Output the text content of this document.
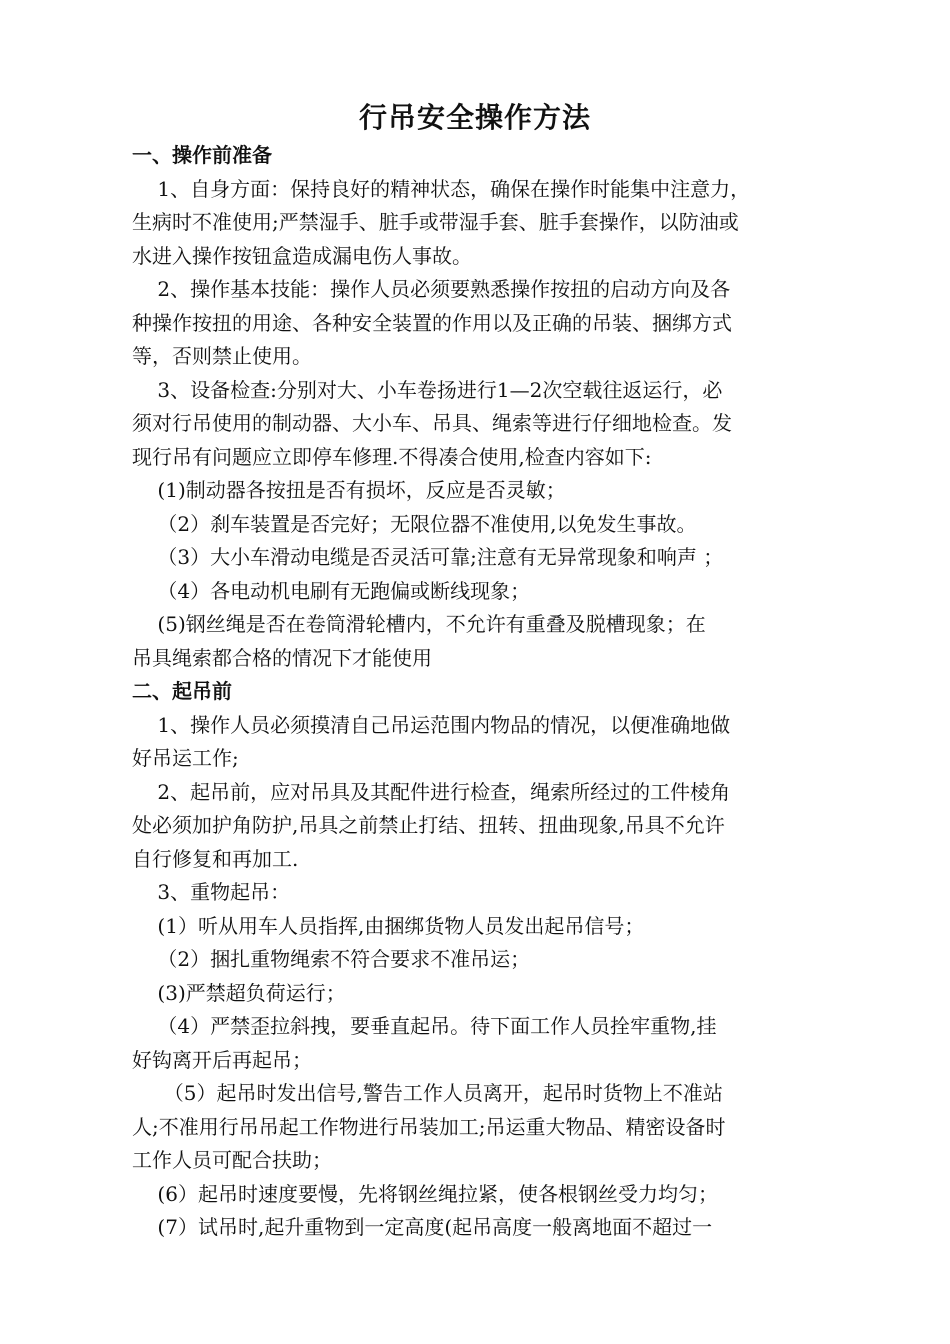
行吊安全操作方法
一、操作前准备
1、自身方面：保持良好的精神状态，确保在操作时能集中注意力，
生病时不准使用;严禁湿手、脏手或带湿手套、脏手套操作，以防油或
水进入操作按钮盒造成漏电伤人事故。
2、操作基本技能：操作人员必须要熟悉操作按扭的启动方向及各
种操作按扭的用途、各种安全装置的作用以及正确的吊装、捆绑方式
等，否则禁止使用。
3、设备检查:分别对大、小车卷扬进行1—2次空载往返运行，必
须对行吊使用的制动器、大小车、吊具、绳索等进行仔细地检查。发
现行吊有问题应立即停车修理.不得凑合使用,检查内容如下:
(1)制动器各按扭是否有损坏，反应是否灵敏；
（2）刹车装置是否完好；无限位器不准使用,以免发生事故。
（3）大小车滑动电缆是否灵活可靠;注意有无异常现象和响声 ；
（4）各电动机电刷有无跑偏或断线现象；
(5)钢丝绳是否在卷筒滑轮槽内，不允许有重叠及脱槽现象；在
吊具绳索都合格的情况下才能使用
二、起吊前
1、操作人员必须摸清自己吊运范围内物品的情况，以便准确地做
好吊运工作;
2、起吊前，应对吊具及其配件进行检查，绳索所经过的工件棱角
处必须加护角防护,吊具之前禁止打结、扭转、扭曲现象,吊具不允许
自行修复和再加工.
3、重物起吊：
(1）听从用车人员指挥,由捆绑货物人员发出起吊信号；
（2）捆扎重物绳索不符合要求不准吊运；
(3)严禁超负荷运行；
（4）严禁歪拉斜拽，要垂直起吊。待下面工作人员拴牢重物,挂
好钩离开后再起吊；
（5）起吊时发出信号,警告工作人员离开，起吊时货物上不准站
人;不准用行吊吊起工作物进行吊装加工;吊运重大物品、精密设备时
工作人员可配合扶助；
(6）起吊时速度要慢，先将钢丝绳拉紧，使各根钢丝受力均匀；
(7）试吊时,起升重物到一定高度(起吊高度一般离地面不超过一
